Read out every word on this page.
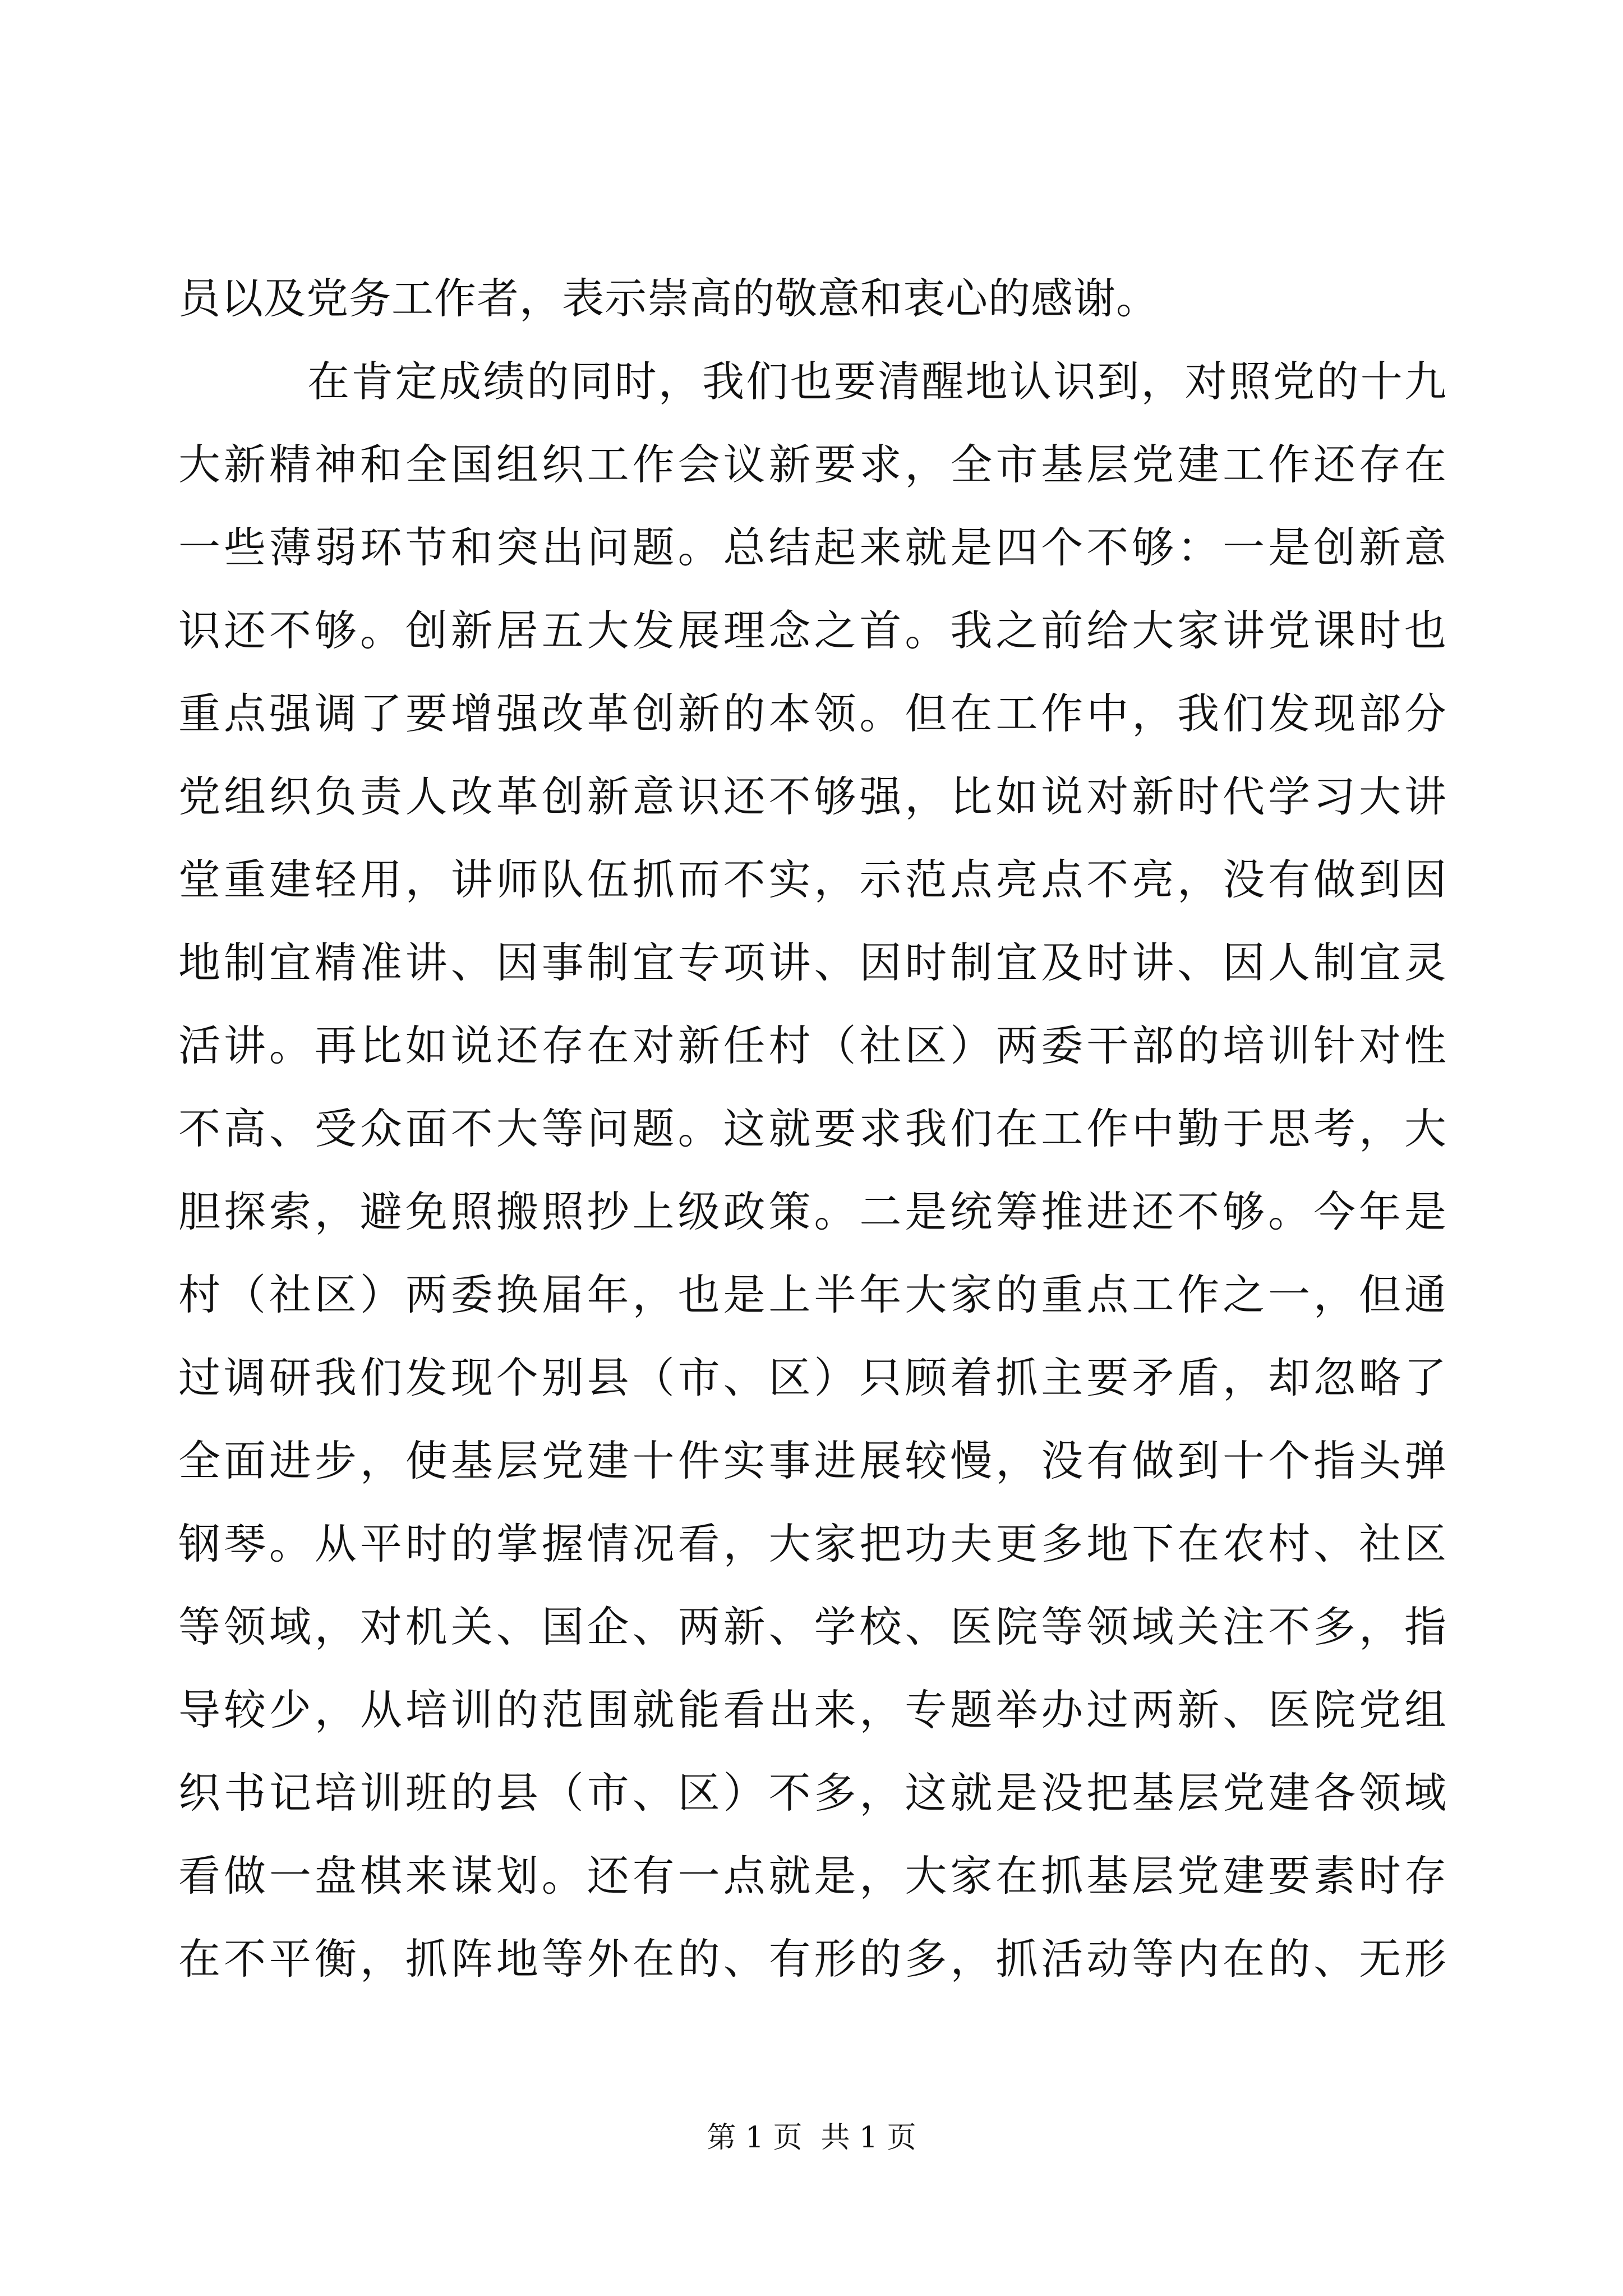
员以及党务工作者，表示崇高的敬意和衷心的感谢。
在肯定成绩的同时，我们也要清醒地认识到，对照党的十九
大新精神和全国组织工作会议新要求，全市基层党建工作还存在
一些薄弱环节和突出问题。总结起来就是四个不够：一是创新意
识还不够。创新居五大发展理念之首。我之前给大家讲党课时也
重点强调了要增强改革创新的本领。但在工作中，我们发现部分
党组织负责人改革创新意识还不够强，比如说对新时代学习大讲
堂重建轻用，讲师队伍抓而不实，示范点亮点不亮，没有做到因
地制宜精准讲、因事制宜专项讲、因时制宜及时讲、因人制宜灵
活讲。再比如说还存在对新任村（社区）两委干部的培训针对性
不高、受众面不大等问题。这就要求我们在工作中勤于思考，大
胆探索，避免照搬照抄上级政策。二是统筹推进还不够。今年是
村（社区）两委换届年，也是上半年大家的重点工作之一，但通
过调研我们发现个别县（市、区）只顾着抓主要矛盾，却忽略了
全面进步，使基层党建十件实事进展较慢，没有做到十个指头弹
钢琴。从平时的掌握情况看，大家把功夫更多地下在农村、社区
等领域，对机关、国企、两新、学校、医院等领域关注不多，指
导较少，从培训的范围就能看出来，专题举办过两新、医院党组
织书记培训班的县（市、区）不多，这就是没把基层党建各领域
看做一盘棋来谋划。还有一点就是，大家在抓基层党建要素时存
在不平衡，抓阵地等外在的、有形的多，抓活动等内在的、无形
第 1 页  共 1 页
